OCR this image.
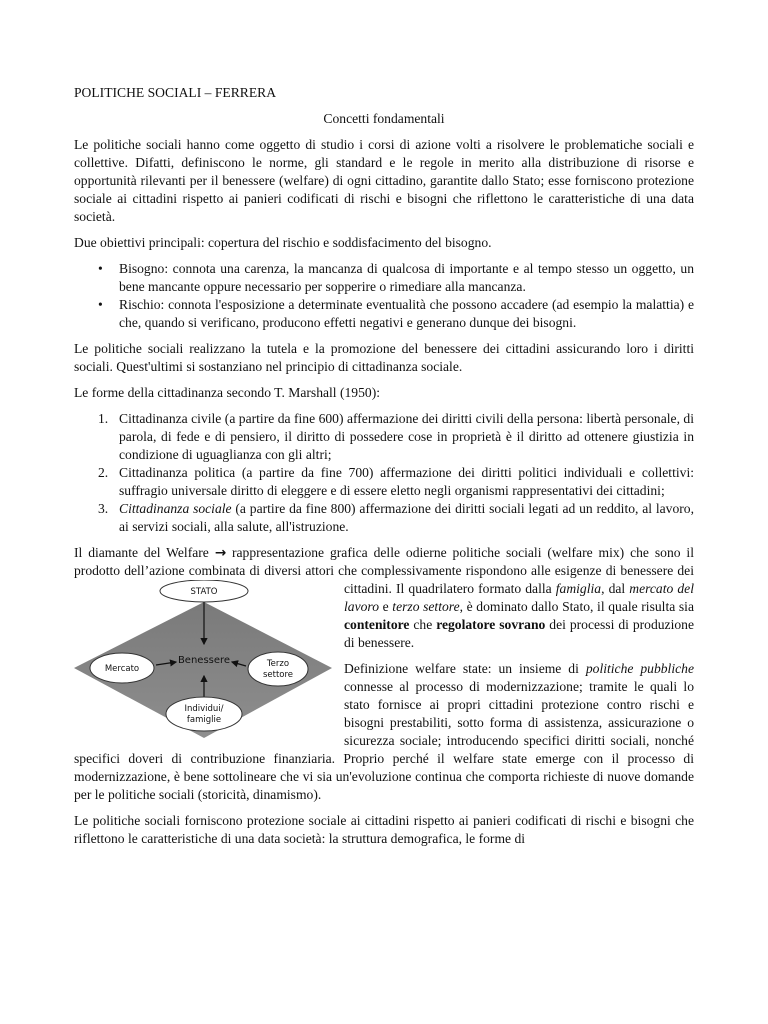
POLITICHE SOCIALI – FERRERA

Concetti fondamentali

Le politiche sociali hanno come oggetto di studio i corsi di azione volti a risolvere le problematiche sociali e collettive. Difatti, definiscono le norme, gli standard e le regole in merito alla distribuzione di risorse e opportunità rilevanti per il benessere (welfare) di ogni cittadino, garantite dallo Stato; esse forniscono protezione sociale ai cittadini rispetto ai panieri codificati di rischi e bisogni che riflettono le caratteristiche di una data società.

Due obiettivi principali: copertura del rischio e soddisfacimento del bisogno.

• Bisogno: connota una carenza, la mancanza di qualcosa di importante e al tempo stesso un oggetto, un bene mancante oppure necessario per sopperire o rimediare alla mancanza.
• Rischio: connota l'esposizione a determinate eventualità che possono accadere (ad esempio la malattia) e che, quando si verificano, producono effetti negativi e generano dunque dei bisogni.

Le politiche sociali realizzano la tutela e la promozione del benessere dei cittadini assicurando loro i diritti sociali. Quest'ultimi si sostanziano nel principio di cittadinanza sociale.

Le forme della cittadinanza secondo T. Marshall (1950):

1. Cittadinanza civile (a partire da fine 600) affermazione dei diritti civili della persona: libertà personale, di parola, di fede e di pensiero, il diritto di possedere cose in proprietà è il diritto ad ottenere giustizia in condizione di uguaglianza con gli altri;
2. Cittadinanza politica (a partire da fine 700) affermazione dei diritti politici individuali e collettivi: suffragio universale diritto di eleggere e di essere eletto negli organismi rappresentativi dei cittadini;
3. Cittadinanza sociale (a partire da fine 800) affermazione dei diritti sociali legati ad un reddito, al lavoro, ai servizi sociali, alla salute, all'istruzione.
STATO
Benessere
Mercato	Terzo
settore
Individui/
famiglie

Il diamante del Welfare → rappresentazione grafica delle odierne politiche sociali (welfare mix) che sono il prodotto dell’azione combinata di diversi attori che complessivamente rispondono alle esigenze di benessere dei cittadini. Il quadrilatero formato dalla famiglia, dal mercato del lavoro e terzo settore, è dominato dallo Stato, il quale risulta sia contenitore che regolatore sovrano dei processi di produzione di benessere.

Definizione welfare state: un insieme di politiche pubbliche connesse al processo di modernizzazione; tramite le quali lo stato fornisce ai propri cittadini protezione contro rischi e bisogni prestabiliti, sotto forma di assistenza, assicurazione o sicurezza sociale; introducendo specifici diritti sociali, nonché specifici doveri di contribuzione finanziaria. Proprio perché il welfare state emerge con il processo di modernizzazione, è bene sottolineare che vi sia un'evoluzione continua che comporta richieste di nuove domande per le politiche sociali (storicità, dinamismo).

Le politiche sociali forniscono protezione sociale ai cittadini rispetto ai panieri codificati di rischi e bisogni che riflettono le caratteristiche di una data società: la struttura demografica, le forme di
